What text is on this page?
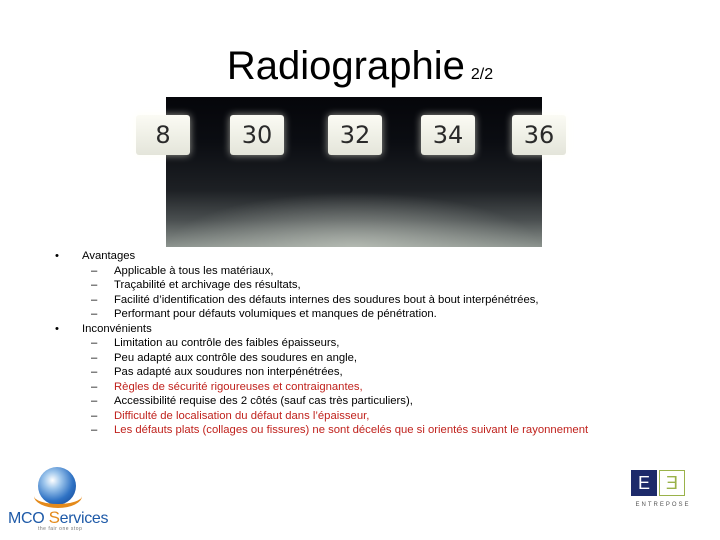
Radiographie 2/2
8	30	32	34	36
• Avantages
– Applicable à tous les matériaux,
– Traçabilité et archivage des résultats,
– Facilité d’identification des défauts internes des soudures bout à bout interpénétrées,
– Performant pour défauts volumiques et manques de pénétration.
• Inconvénients
– Limitation au contrôle des faibles épaisseurs,
– Peu adapté aux contrôle des soudures en angle,
– Pas adapté aux soudures non interpénétrées,
– Règles de sécurité rigoureuses et contraignantes,
– Accessibilité requise des 2 côtés (sauf cas très particuliers),
– Difficulté de localisation du défaut dans l’épaisseur,
– Les défauts plats (collages ou fissures) ne sont décelés que si orientés suivant le rayonnement
MCO Services
the fair one stop
E Ǝ
ENTREPOSE
